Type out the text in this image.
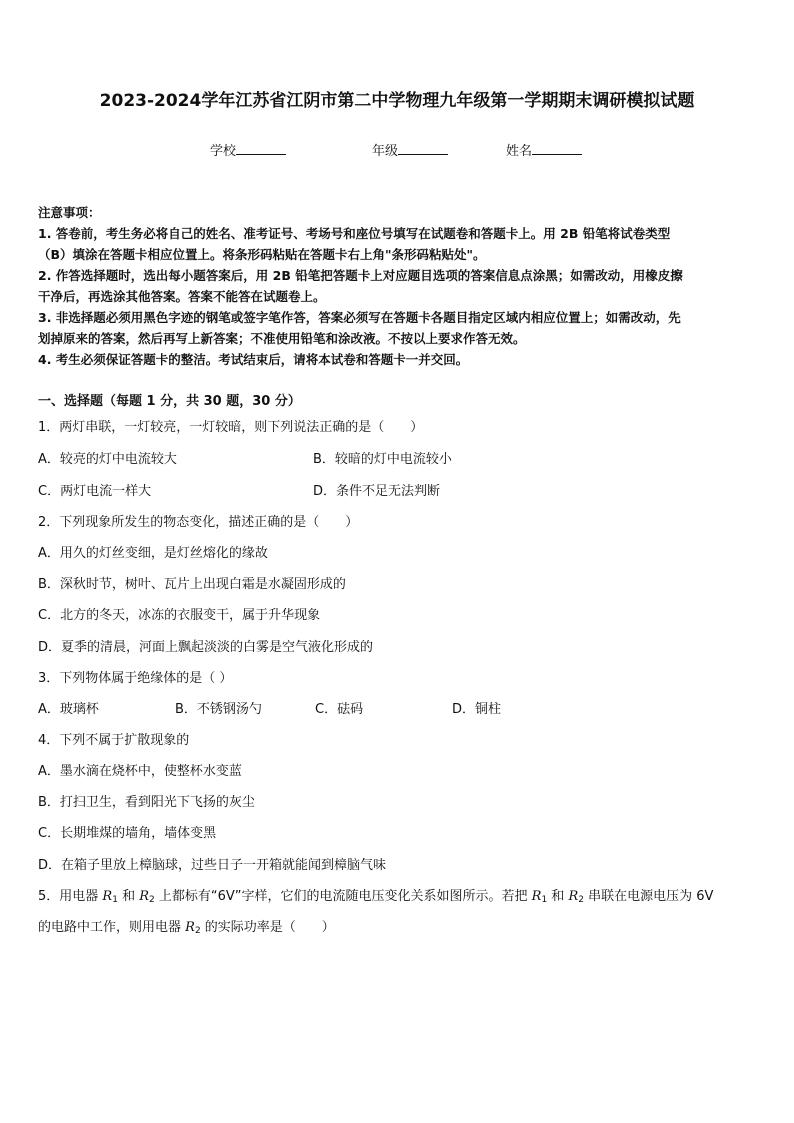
2023-2024学年江苏省江阴市第二中学物理九年级第一学期期末调研模拟试题
学校	年级	姓名
注意事项：
1. 答卷前，考生务必将自己的姓名、准考证号、考场号和座位号填写在试题卷和答题卡上。用 2B 铅笔将试卷类型
（B）填涂在答题卡相应位置上。将条形码粘贴在答题卡右上角"条形码粘贴处"。
2. 作答选择题时，选出每小题答案后，用 2B 铅笔把答题卡上对应题目选项的答案信息点涂黑；如需改动，用橡皮擦
干净后，再选涂其他答案。答案不能答在试题卷上。
3. 非选择题必须用黑色字迹的钢笔或签字笔作答，答案必须写在答题卡各题目指定区域内相应位置上；如需改动，先
划掉原来的答案，然后再写上新答案；不准使用铅笔和涂改液。不按以上要求作答无效。
4. 考生必须保证答题卡的整洁。考试结束后，请将本试卷和答题卡一并交回。
一、选择题（每题 1 分，共 30 题，30 分）
1．两灯串联，一灯较亮，一灯较暗，则下列说法正确的是（　　）
A．较亮的灯中电流较大	B．较暗的灯中电流较小
C．两灯电流一样大	D．条件不足无法判断
2．下列现象所发生的物态变化，描述正确的是（　　）
A．用久的灯丝变细，是灯丝熔化的缘故
B．深秋时节，树叶、瓦片上出现白霜是水凝固形成的
C．北方的冬天，冰冻的衣服变干，属于升华现象
D．夏季的清晨，河面上飘起淡淡的白雾是空气液化形成的
3．下列物体属于绝缘体的是（ ）
A．玻璃杯	B．不锈钢汤勺	C．砝码	D．铜柱
4．下列不属于扩散现象的
A．墨水滴在烧杯中，使整杯水变蓝
B．打扫卫生，看到阳光下飞扬的灰尘
C．长期堆煤的墙角，墙体变黑
D．在箱子里放上樟脑球，过些日子一开箱就能闻到樟脑气味
5．用电器 $R_1$ 和 $R_2$ 上都标有“6V”字样，它们的电流随电压变化关系如图所示。若把 $R_1$ 和 $R_2$ 串联在电源电压为 6V
的电路中工作，则用电器 $R_2$ 的实际功率是（　　）
